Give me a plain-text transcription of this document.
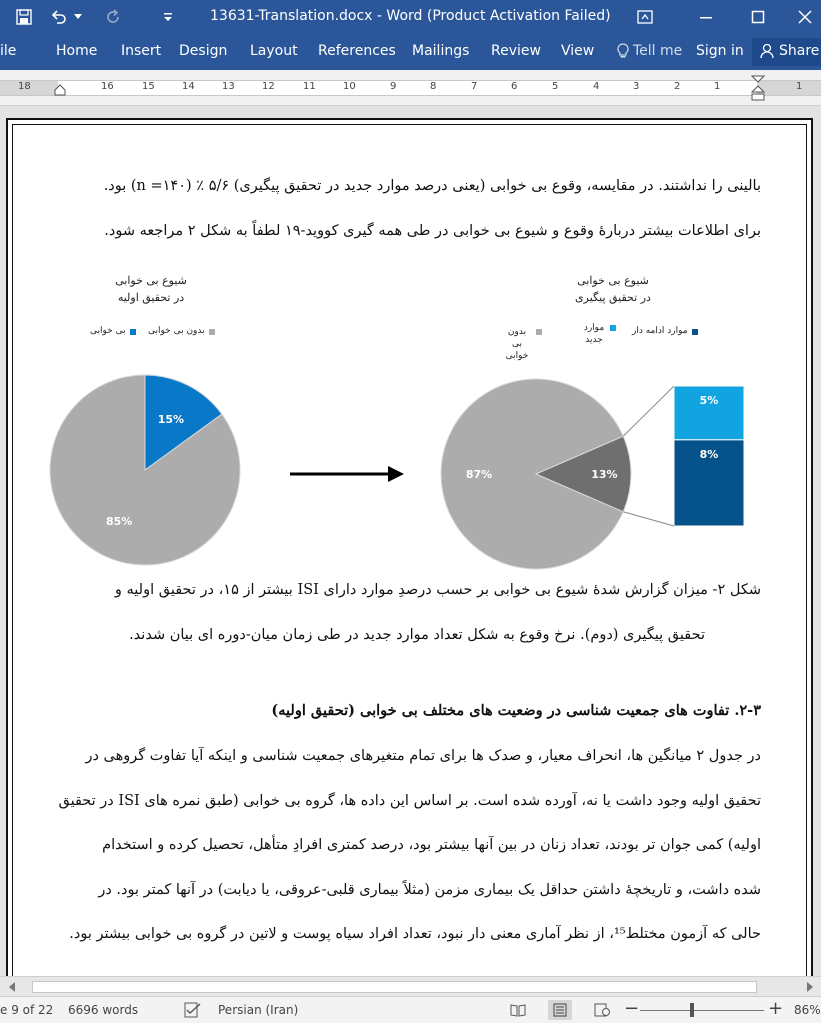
13631-Translation.docx - Word (Product Activation Failed)
ile	Home Insert Design Layout References Mailings Review View	Tell me Sign in	Share
18	16	15	14	13	12	11	10	9	8	7	6	5	4	3	2	1	1
بالینی را نداشتند. در مقایسه، وقوع بی خوابی (یعنی درصد موارد جدید در تحقیق پیگیری) ۵/۶ ٪ (n =۱۴۰) بود.
برای اطلاعات بیشتر دربارهٔ وقوع و شیوع بی خوابی در طی همه گیری کووید-۱۹ لطفاً به شکل ۲ مراجعه شود.
شیوع بی خوابی
در تحقیق اولیه
شیوع بی خوابی
در تحقیق پیگیری
بی خوابی بدون بی خوابی	موارد ادامه دار
موارد جدید
بدون بی خوابی
15%
85%
13%
87%
5%
8%
شکل ۲- میزان گزارش شدهٔ شیوع بی خوابی بر حسب درصدِ موارد دارای ISI بیشتر از ۱۵، در تحقیق اولیه و
تحقیق پیگیری (دوم). نرخ وقوع به شکل تعداد موارد جدید در طی زمان میان-دوره ای بیان شدند.
۲-۳. تفاوت های جمعیت شناسی در وضعیت های مختلف بی خوابی (تحقیق اولیه)
در جدول ۲ میانگین ها، انحراف معیار، و صدک ها برای تمام متغیرهای جمعیت شناسی و اینکه آیا تفاوت گروهی در
تحقیق اولیه وجود داشت یا نه، آورده شده است. بر اساس این داده ها، گروه بی خوابی (طبق نمره های ISI در تحقیق
اولیه) کمی جوان تر بودند، تعداد زنان در بین آنها بیشتر بود، درصد کمتری افرادِ متأهل، تحصیل کرده و استخدام
شده داشت، و تاریخچهٔ داشتن حداقل یک بیماری مزمن (مثلاً بیماری قلبی-عروقی، یا دیابت) در آنها کمتر بود. در
حالی که آزمون مختلط¹⁵، از نظر آماری معنی دار نبود، تعداد افراد سیاه پوست و لاتین در گروه بی خوابی بیشتر بود.
e 9 of 22 6696 words	Persian (Iran)	−	+ 86%
